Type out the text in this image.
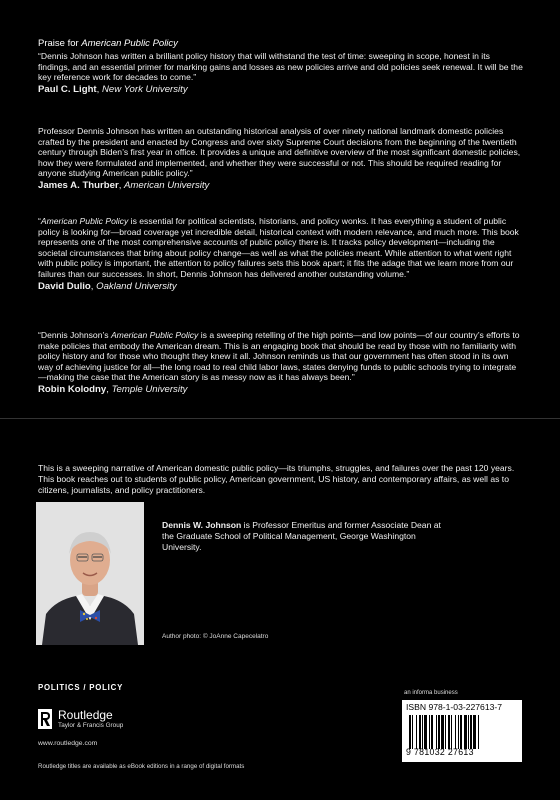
Praise for American Public Policy
“Dennis Johnson has written a brilliant policy history that will withstand the test of time: sweeping in scope, honest in its findings, and an essential primer for marking gains and losses as new policies arrive and old policies seek renewal. It will be the key reference work for decades to come.”
Paul C. Light, New York University
Professor Dennis Johnson has written an outstanding historical analysis of over ninety national landmark domestic policies crafted by the president and enacted by Congress and over sixty Supreme Court decisions from the beginning of the twentieth century through Biden’s first year in office. It provides a unique and definitive overview of the most significant domestic policies, how they were formulated and implemented, and whether they were successful or not. This should be required reading for anyone studying American public policy.”
James A. Thurber, American University
“American Public Policy is essential for political scientists, historians, and policy wonks. It has everything a student of public policy is looking for—broad coverage yet incredible detail, historical context with modern relevance, and much more. This book represents one of the most comprehensive accounts of public policy there is. It tracks policy development—including the societal circumstances that bring about policy change—as well as what the policies meant. While attention to what went right with public policy is important, the attention to policy failures sets this book apart; it fits the adage that we learn more from our failures than our successes. In short, Dennis Johnson has delivered another outstanding volume.”
David Dulio, Oakland University
“Dennis Johnson’s American Public Policy is a sweeping retelling of the high points—and low points—of our country’s efforts to make policies that embody the American dream. This is an engaging book that should be read by those with no familiarity with policy history and for those who thought they knew it all. Johnson reminds us that our government has often stood in its own way of achieving justice for all—the long road to real child labor laws, states denying funds to public schools trying to integrate—making the case that the American story is as messy now as it has always been.”
Robin Kolodny, Temple University
This is a sweeping narrative of American domestic public policy—its triumphs, struggles, and failures over the past 120 years. This book reaches out to students of public policy, American government, US history, and contemporary affairs, as well as to citizens, journalists, and policy practitioners.
Dennis W. Johnson is Professor Emeritus and former Associate Dean at the Graduate School of Political Management, George Washington University.
Author photo: © JoAnne Capecelatro
POLITICS / POLICY
Routledge
Taylor & Francis Group
www.routledge.com
Routledge titles are available as eBook editions in a range of digital formats
an informa business
ISBN 978-1-03-227613-7
9 781032 27613
